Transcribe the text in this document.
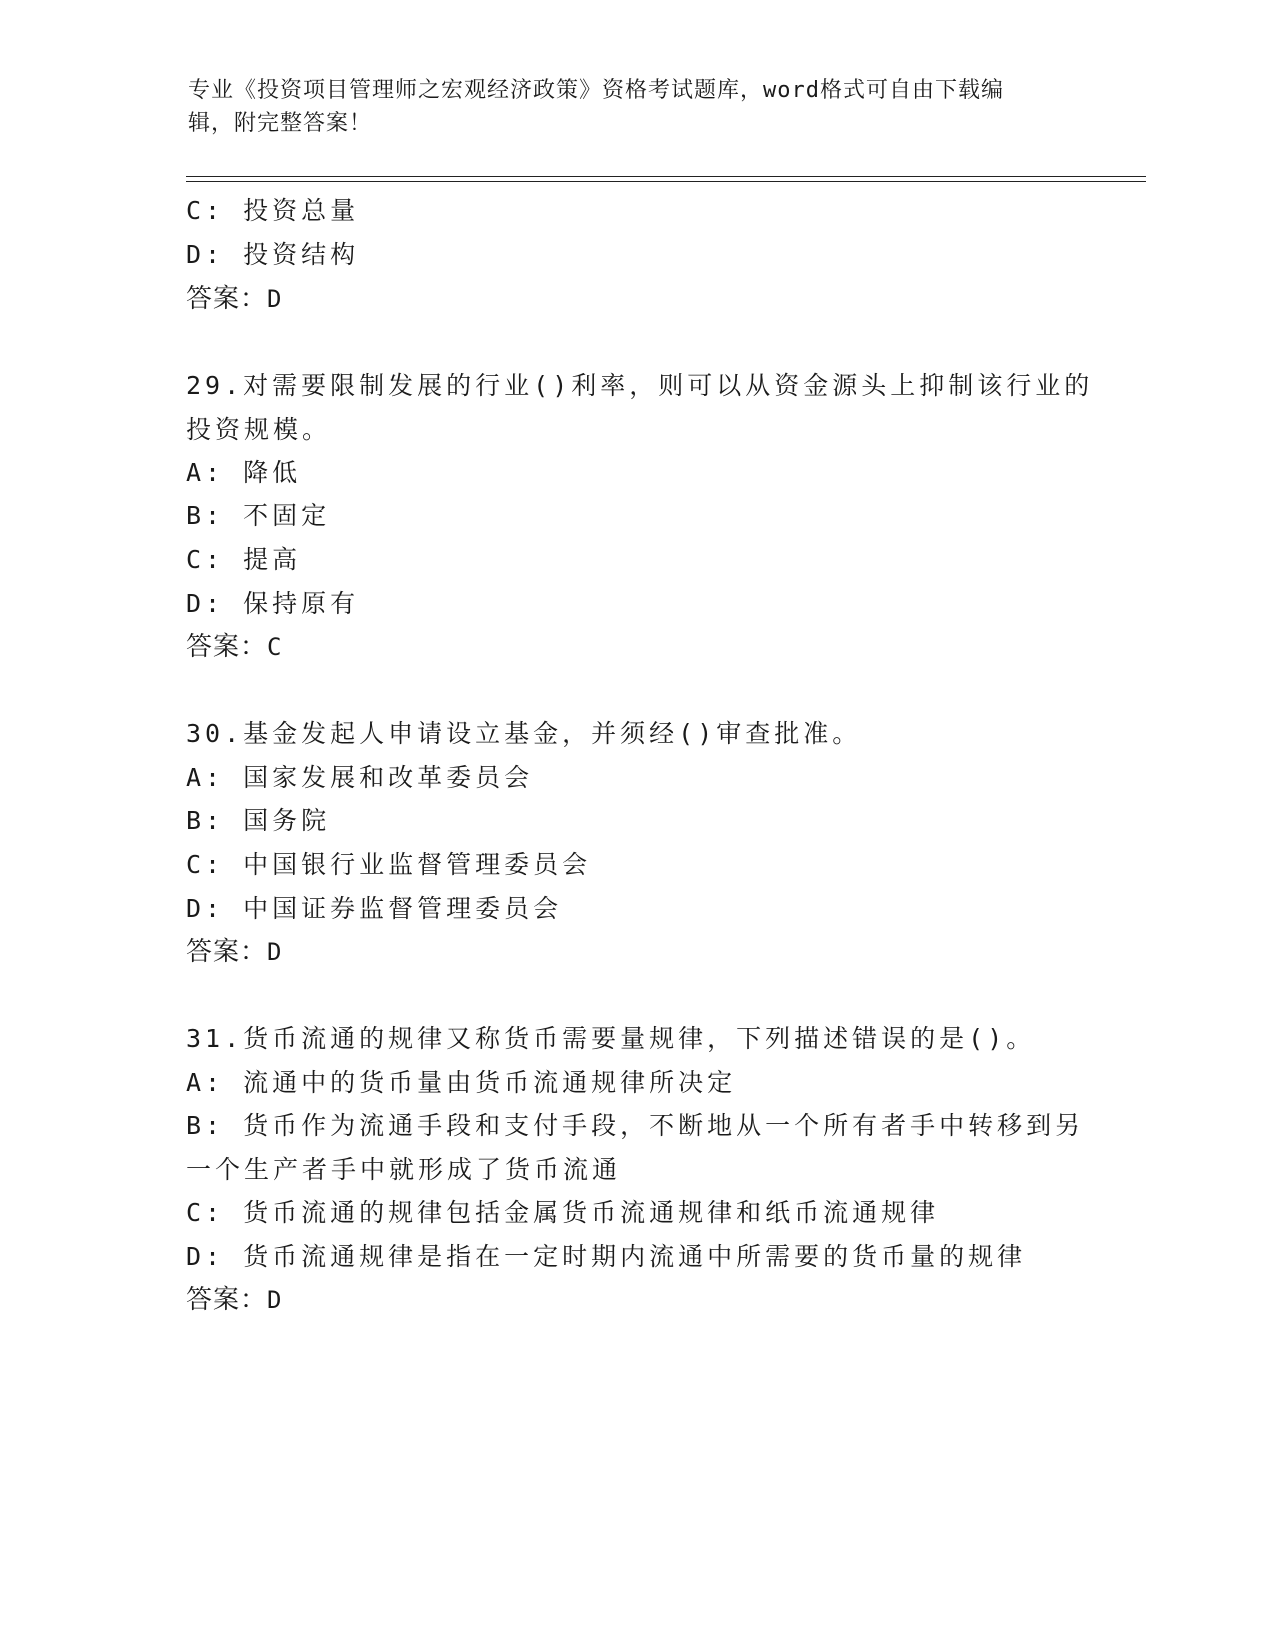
专业《投资项目管理师之宏观经济政策》资格考试题库，word格式可自由下载编
辑，附完整答案！
C: 投资总量
D: 投资结构
答案：D
29.对需要限制发展的行业()利率，则可以从资金源头上抑制该行业的
投资规模。
A: 降低
B: 不固定
C: 提高
D: 保持原有
答案：C
30.基金发起人申请设立基金，并须经()审查批准。
A: 国家发展和改革委员会
B: 国务院
C: 中国银行业监督管理委员会
D: 中国证券监督管理委员会
答案：D
31.货币流通的规律又称货币需要量规律，下列描述错误的是()。
A: 流通中的货币量由货币流通规律所决定
B: 货币作为流通手段和支付手段，不断地从一个所有者手中转移到另
一个生产者手中就形成了货币流通
C: 货币流通的规律包括金属货币流通规律和纸币流通规律
D: 货币流通规律是指在一定时期内流通中所需要的货币量的规律
答案：D
